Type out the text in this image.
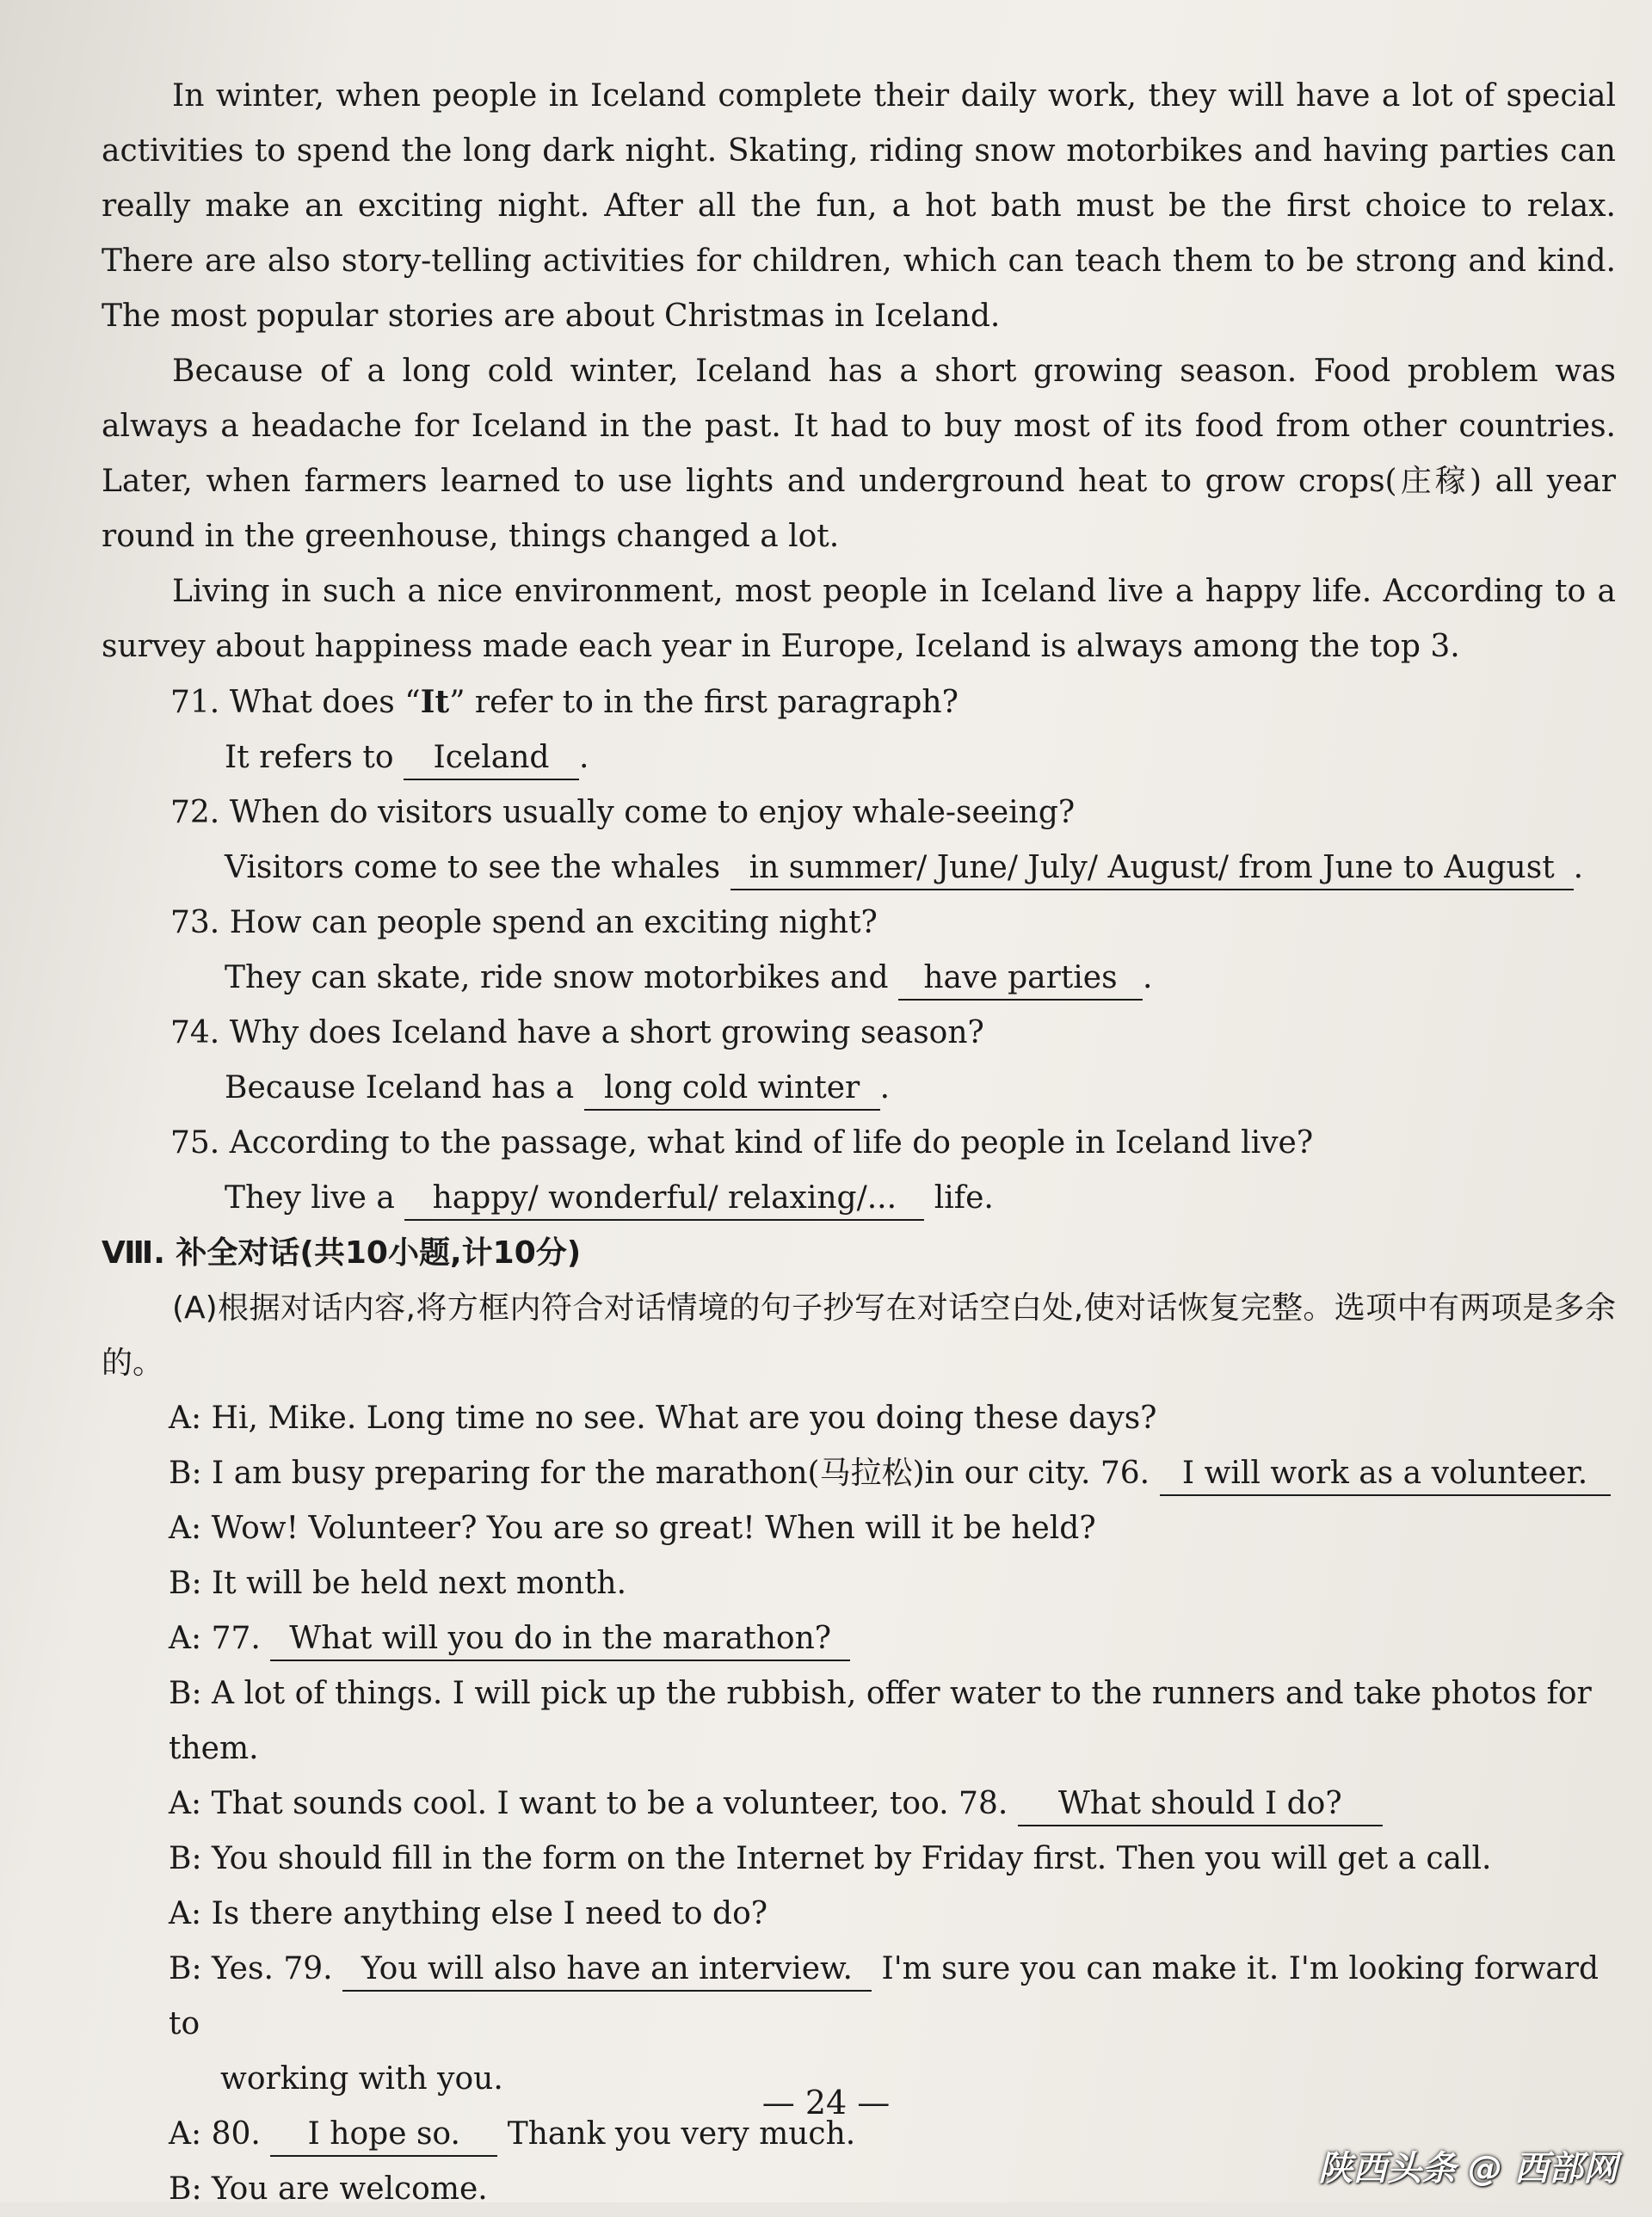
In winter, when people in Iceland complete their daily work, they will have a lot of special activities to spend the long dark night. Skating, riding snow motorbikes and having parties can really make an exciting night. After all the fun, a hot bath must be the first choice to relax. There are also story-telling activities for children, which can teach them to be strong and kind. The most popular stories are about Christmas in Iceland.

Because of a long cold winter, Iceland has a short growing season. Food problem was always a headache for Iceland in the past. It had to buy most of its food from other countries. Later, when farmers learned to use lights and underground heat to grow crops(庄稼) all year round in the greenhouse, things changed a lot.

Living in such a nice environment, most people in Iceland live a happy life. According to a survey about happiness made each year in Europe, Iceland is always among the top 3.

71. What does “It” refer to in the first paragraph?
It refers to Iceland .
72. When do visitors usually come to enjoy whale-seeing?
Visitors come to see the whales in summer/ June/ July/ August/ from June to August .
73. How can people spend an exciting night?
They can skate, ride snow motorbikes and have parties .
74. Why does Iceland have a short growing season?
Because Iceland has a long cold winter .
75. According to the passage, what kind of life do people in Iceland live?
They live a happy/ wonderful/ relaxing/... life.

Ⅷ. 补全对话(共10小题,计10分)

(A)根据对话内容,将方框内符合对话情境的句子抄写在对话空白处,使对话恢复完整。选项中有两项是多余的。

A: Hi, Mike. Long time no see. What are you doing these days?
B: I am busy preparing for the marathon(马拉松)in our city. 76. I will work as a volunteer.
A: Wow! Volunteer? You are so great! When will it be held?
B: It will be held next month.
A: 77. What will you do in the marathon?
B: A lot of things. I will pick up the rubbish, offer water to the runners and take photos for them.
A: That sounds cool. I want to be a volunteer, too. 78. What should I do?
B: You should fill in the form on the Internet by Friday first. Then you will get a call.
A: Is there anything else I need to do?
B: Yes. 79. You will also have an interview. I'm sure you can make it. I'm looking forward to
working with you.
A: 80. I hope so. Thank you very much.
B: You are welcome.
— 24 —
陕西头条 @ 西部网
